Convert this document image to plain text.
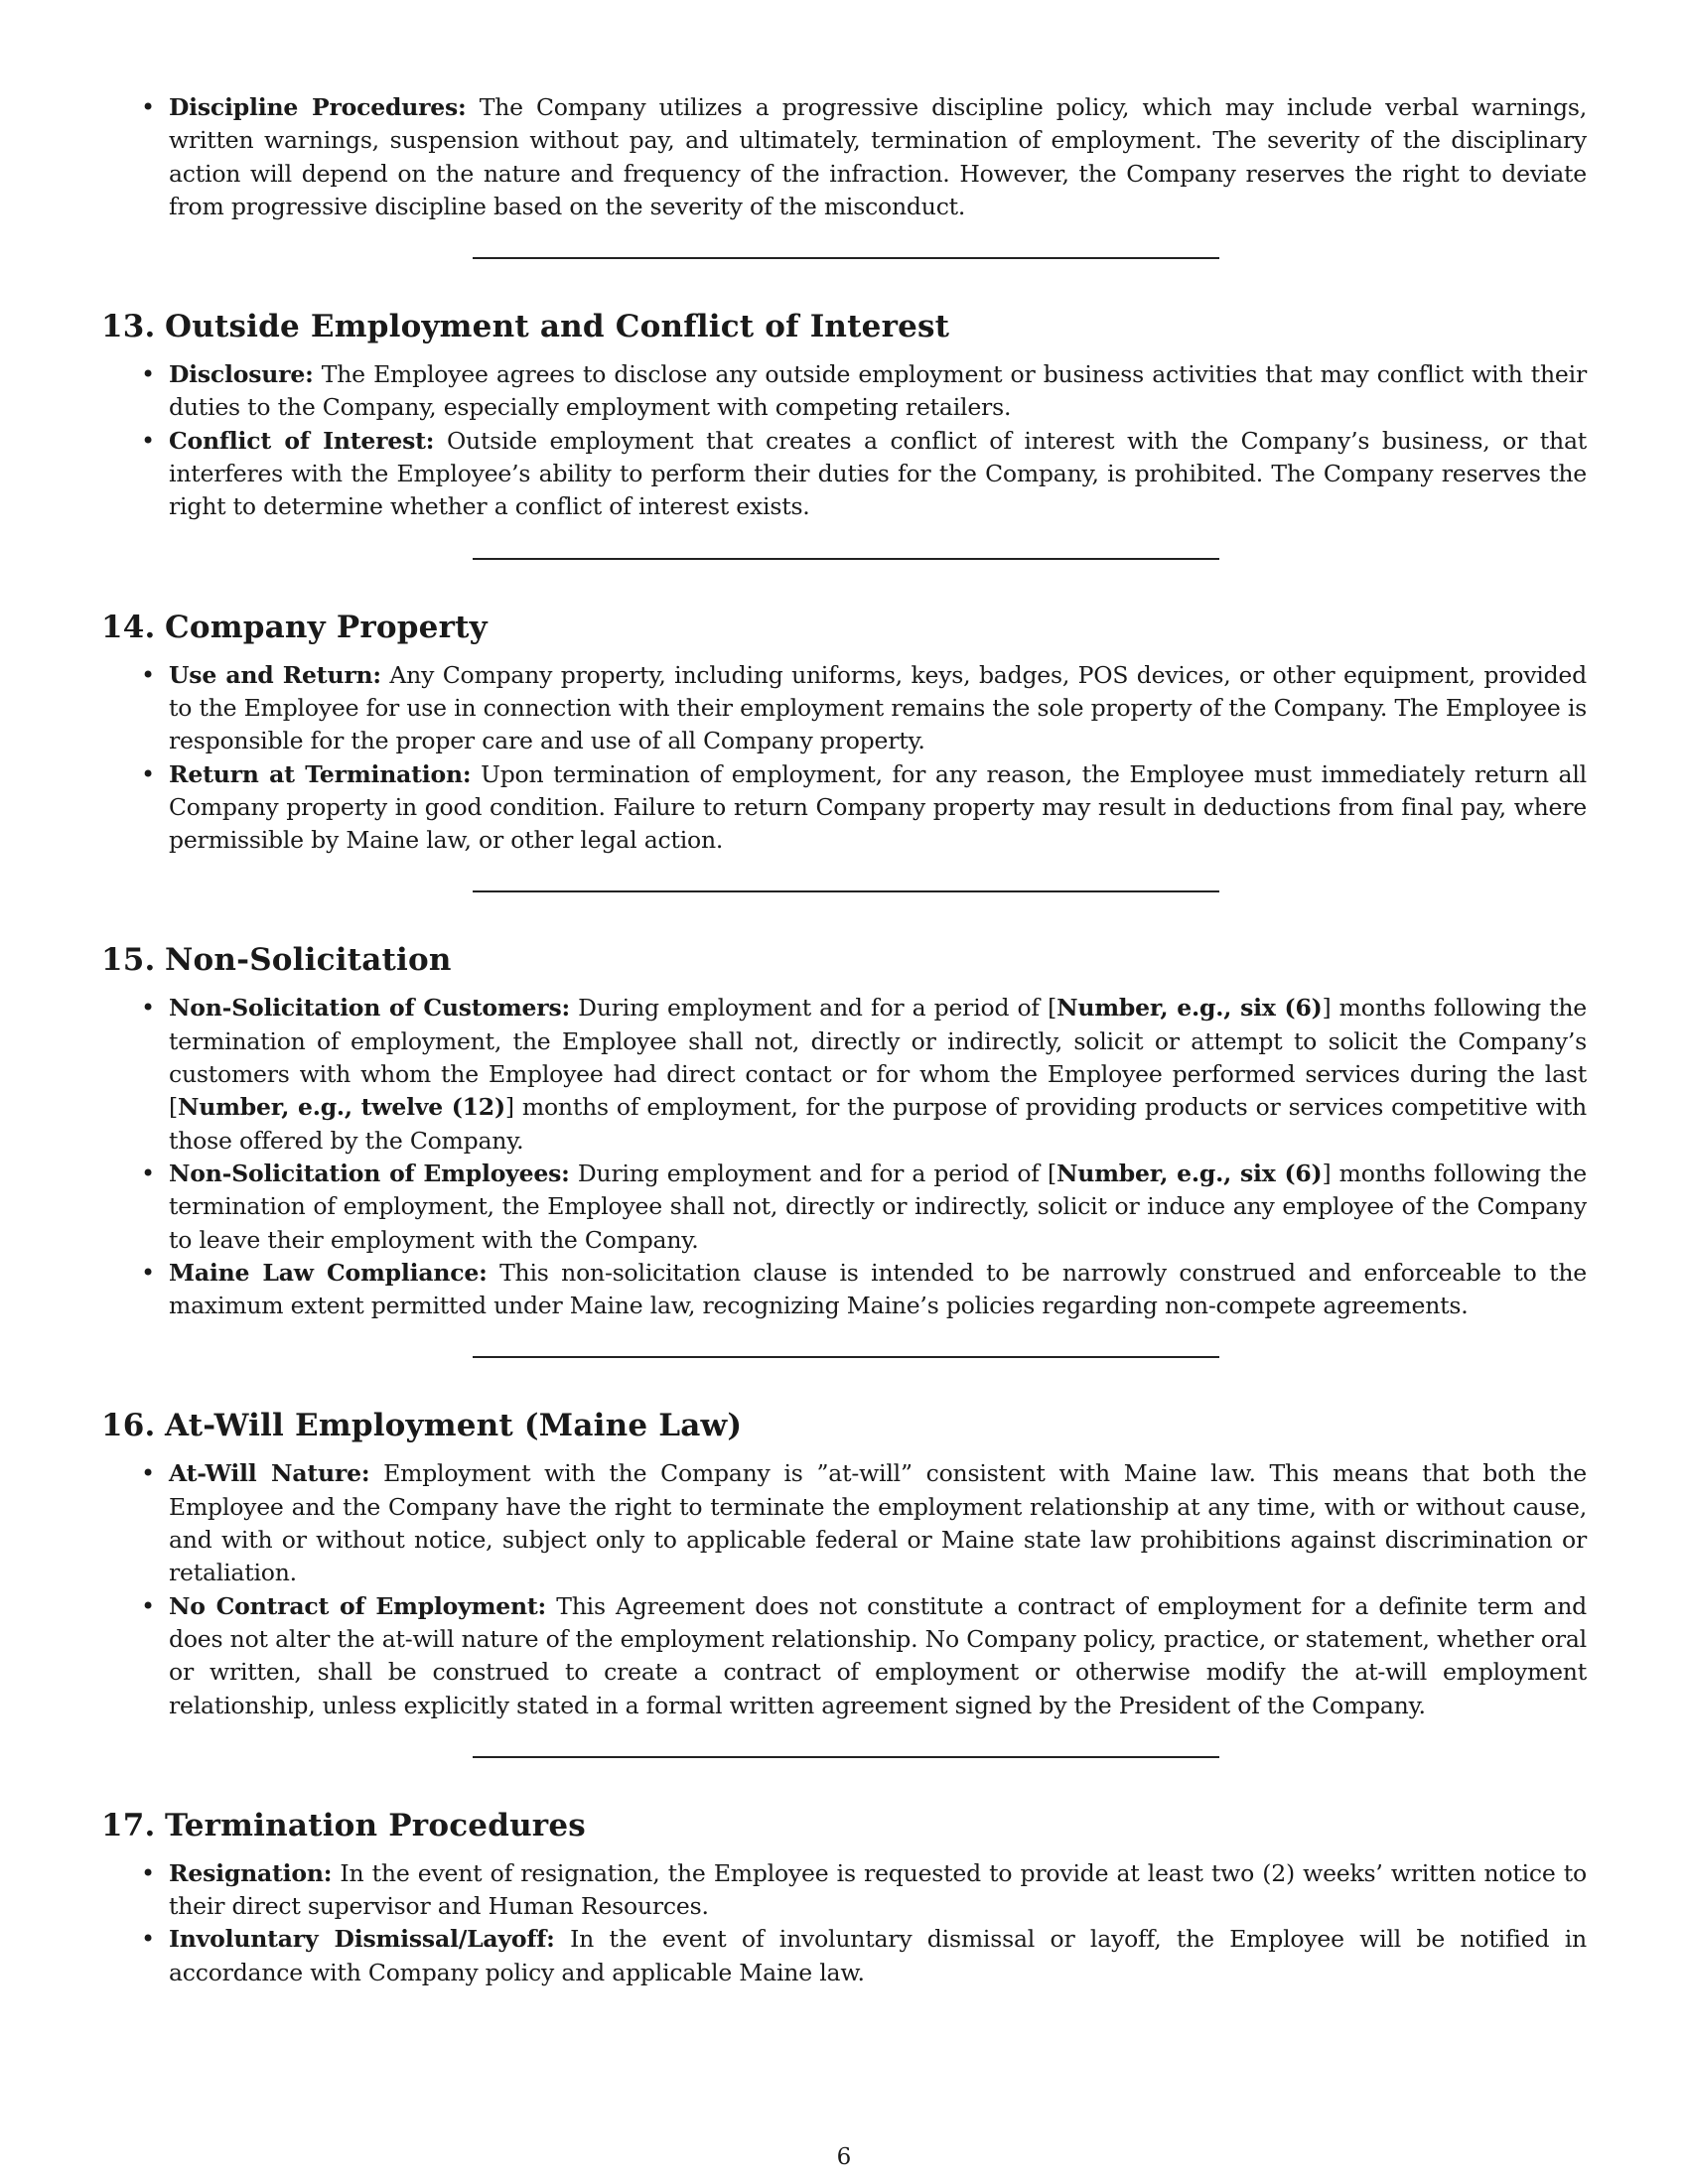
• Discipline Procedures: The Company utilizes a progressive discipline policy, which may include verbal warnings, written warnings, suspension without pay, and ultimately, termination of employment. The severity of the disciplinary action will depend on the nature and frequency of the infraction. However, the Company reserves the right to deviate from progressive discipline based on the severity of the misconduct.
13. Outside Employment and Conflict of Interest
• Disclosure: The Employee agrees to disclose any outside employment or business activities that may conflict with their duties to the Company, especially employment with competing retailers.
• Conflict of Interest: Outside employment that creates a conflict of interest with the Company’s business, or that interferes with the Employee’s ability to perform their duties for the Company, is prohibited. The Company reserves the right to determine whether a conflict of interest exists.
14. Company Property
• Use and Return: Any Company property, including uniforms, keys, badges, POS devices, or other equipment, provided to the Employee for use in connection with their employment remains the sole property of the Company. The Employee is responsible for the proper care and use of all Company property.
• Return at Termination: Upon termination of employment, for any reason, the Employee must immediately return all Company property in good condition. Failure to return Company property may result in deductions from final pay, where permissible by Maine law, or other legal action.
15. Non-Solicitation
• Non-Solicitation of Customers: During employment and for a period of [Number, e.g., six (6)] months following the termination of employment, the Employee shall not, directly or indirectly, solicit or attempt to solicit the Company’s customers with whom the Employee had direct contact or for whom the Employee performed services during the last [Number, e.g., twelve (12)] months of employment, for the purpose of providing products or services competitive with those offered by the Company.
• Non-Solicitation of Employees: During employment and for a period of [Number, e.g., six (6)] months following the termination of employment, the Employee shall not, directly or indirectly, solicit or induce any employee of the Company to leave their employment with the Company.
• Maine Law Compliance: This non-solicitation clause is intended to be narrowly construed and enforceable to the maximum extent permitted under Maine law, recognizing Maine’s policies regarding non-compete agreements.
16. At-Will Employment (Maine Law)
• At-Will Nature: Employment with the Company is ”at-will” consistent with Maine law. This means that both the Employee and the Company have the right to terminate the employment relationship at any time, with or without cause, and with or without notice, subject only to applicable federal or Maine state law prohibitions against discrimination or retaliation.
• No Contract of Employment: This Agreement does not constitute a contract of employment for a definite term and does not alter the at-will nature of the employment relationship. No Company policy, practice, or statement, whether oral or written, shall be construed to create a contract of employment or otherwise modify the at-will employment relationship, unless explicitly stated in a formal written agreement signed by the President of the Company.
17. Termination Procedures
• Resignation: In the event of resignation, the Employee is requested to provide at least two (2) weeks’ written notice to their direct supervisor and Human Resources.
• Involuntary Dismissal/Layoff: In the event of involuntary dismissal or layoff, the Employee will be notified in accordance with Company policy and applicable Maine law.
6
